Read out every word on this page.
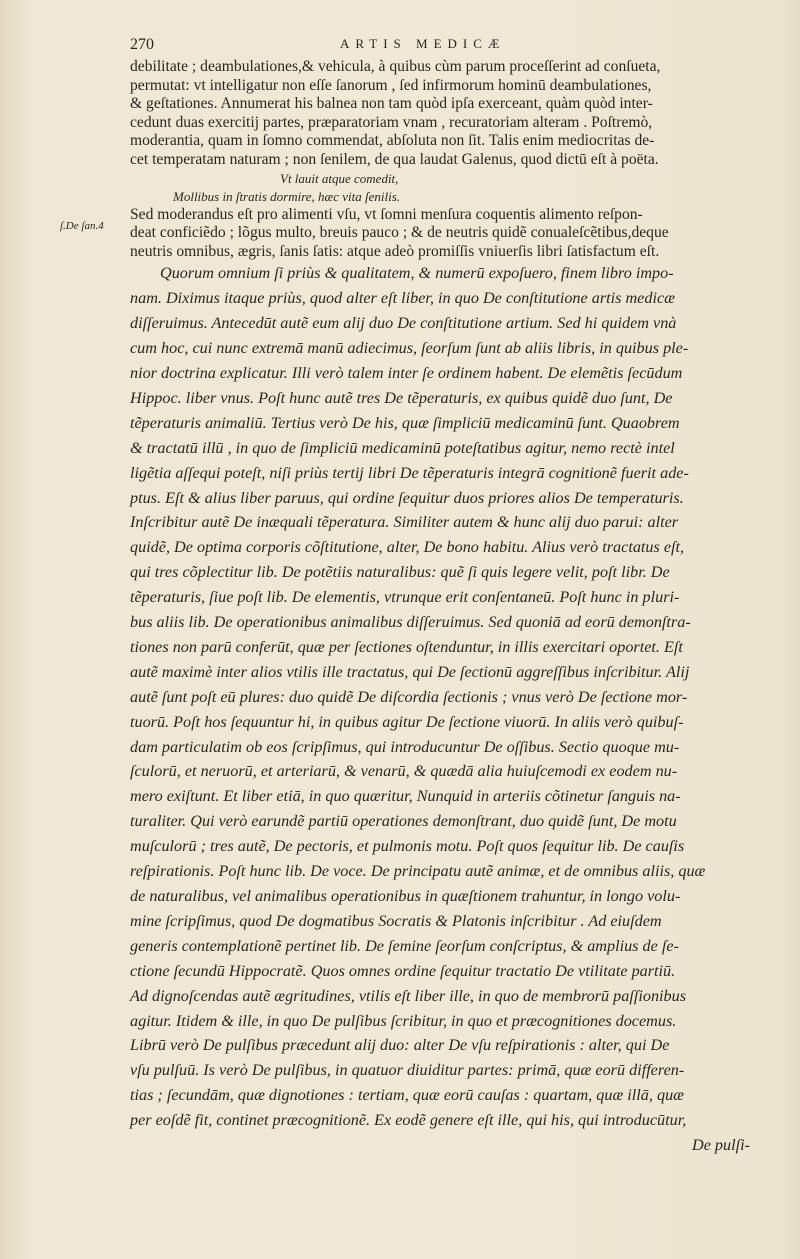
270	ARTIS MEDICÆ
ſ.De ſan.4

debilitate ; deambulationes,& vehicula, à quibus cùm parum proceſſerint ad conſueta,

permutat: vt intelligatur non eſſe ſanorum , ſed infirmorum hominū deambulationes,

& geſtationes. Annumerat his balnea non tam quòd ipſa exerceant, quàm quòd inter-

cedunt duas exercitij partes, præparatoriam vnam , recuratoriam alteram . Poſtremò,

moderantia, quam in ſomno commendat, abſoluta non ſit. Talis enim mediocritas de-

cet temperatam naturam ; non ſenilem, de qua laudat Galenus, quod dictū eſt à poëta.

Vt lauit atque comedit,

Mollibus in ſtratis dormire, hæc vita ſenilis.

Sed moderandus eſt pro alimenti vſu, vt ſomni menſura coquentis alimento reſpon-

deat conficiẽdo ; lõgus multo, breuis pauco ; & de neutris quidẽ conualeſcẽtibus,deque

neutris omnibus, ægris, ſanis ſatis: atque adeò promiſſis vniuerſis libri ſatisfactum eſt.

Quorum omnium ſi priùs & qualitatem, & numerū expoſuero, finem libro impo-

nam. Diximus itaque priùs, quod alter eſt liber, in quo De conſtitutione artis medicæ

diſſeruimus. Antecedūt autẽ eum alij duo De conſtitutione artium. Sed hi quidem vnà

cum hoc, cui nunc extremā manū adiecimus, ſeorſum ſunt ab aliis libris, in quibus ple-

nior doctrina explicatur. Illi verò talem inter ſe ordinem habent. De elemẽtis ſecūdum

Hippoc. liber vnus. Poſt hunc autẽ tres De tẽperaturis, ex quibus quidẽ duo ſunt, De

tẽperaturis animaliū. Tertius verò De his, quæ ſimpliciū medicaminū ſunt. Quaobrem

& tractatū illū , in quo de ſimpliciū medicaminū poteſtatibus agitur, nemo rectè intel

ligẽtia aſſequi poteſt, niſi priùs tertij libri De tẽperaturis integrā cognitionẽ fuerit ade-

ptus. Eſt & alius liber paruus, qui ordine ſequitur duos priores alios De temperaturis.

Inſcribitur autẽ De inæquali tẽperatura. Similiter autem & hunc alij duo parui: alter

quidẽ, De optima corporis cõſtitutione, alter, De bono habitu. Alius verò tractatus eſt,

qui tres cõplectitur lib. De potẽtiis naturalibus: quẽ ſi quis legere velit, poſt libr. De

tẽperaturis, ſiue poſt lib. De elementis, vtrunque erit conſentaneū. Poſt hunc in pluri-

bus aliis lib. De operationibus animalibus diſſeruimus. Sed quoniā ad eorū demonſtra-

tiones non parū conferūt, quæ per ſectiones oſtenduntur, in illis exercitari oportet. Eſt

autẽ maximè inter alios vtilis ille tractatus, qui De ſectionū aggreſſibus inſcribitur. Alij

autẽ ſunt poſt eū plures: duo quidẽ De diſcordia ſectionis ; vnus verò De ſectione mor-

tuorū. Poſt hos ſequuntur hi, in quibus agitur De ſectione viuorū. In aliis verò quibuſ-

dam particulatim ob eos ſcripſimus, qui introducuntur De oſſibus. Sectio quoque mu-

ſculorū, et neruorū, et arteriarū, & venarū, & quædā alia huiuſcemodi ex eodem nu-

mero exiſtunt. Et liber etiā, in quo quæritur, Nunquid in arteriis cõtinetur ſanguis na-

turaliter. Qui verò earundẽ partiū operationes demonſtrant, duo quidẽ ſunt, De motu

muſculorū ; tres autẽ, De pectoris, et pulmonis motu. Poſt quos ſequitur lib. De cauſis

reſpirationis. Poſt hunc lib. De voce. De principatu autẽ animæ, et de omnibus aliis, quæ

de naturalibus, vel animalibus operationibus in quæſtionem trahuntur, in longo volu-

mine ſcripſimus, quod De dogmatibus Socratis & Platonis inſcribitur . Ad eiuſdem

generis contemplationẽ pertinet lib. De ſemine ſeorſum conſcriptus, & amplius de ſe-

ctione ſecundū Hippocratẽ. Quos omnes ordine ſequitur tractatio De vtilitate partiū.

Ad dignoſcendas autẽ ægritudines, vtilis eſt liber ille, in quo de membrorū paſſionibus

agitur. Itidem & ille, in quo De pulſibus ſcribitur, in quo et præcognitiones docemus.

Librū verò De pulſibus præcedunt alij duo: alter De vſu reſpirationis : alter, qui De

vſu pulſuū. Is verò De pulſibus, in quatuor diuiditur partes: primā, quæ eorū differen-

tias ; ſecundām, quæ dignotiones : tertiam, quæ eorū cauſas : quartam, quæ illā, quæ

per eoſdẽ fit, continet præcognitionẽ. Ex eodẽ genere eſt ille, qui his, qui introducūtur,

De pulſi-
